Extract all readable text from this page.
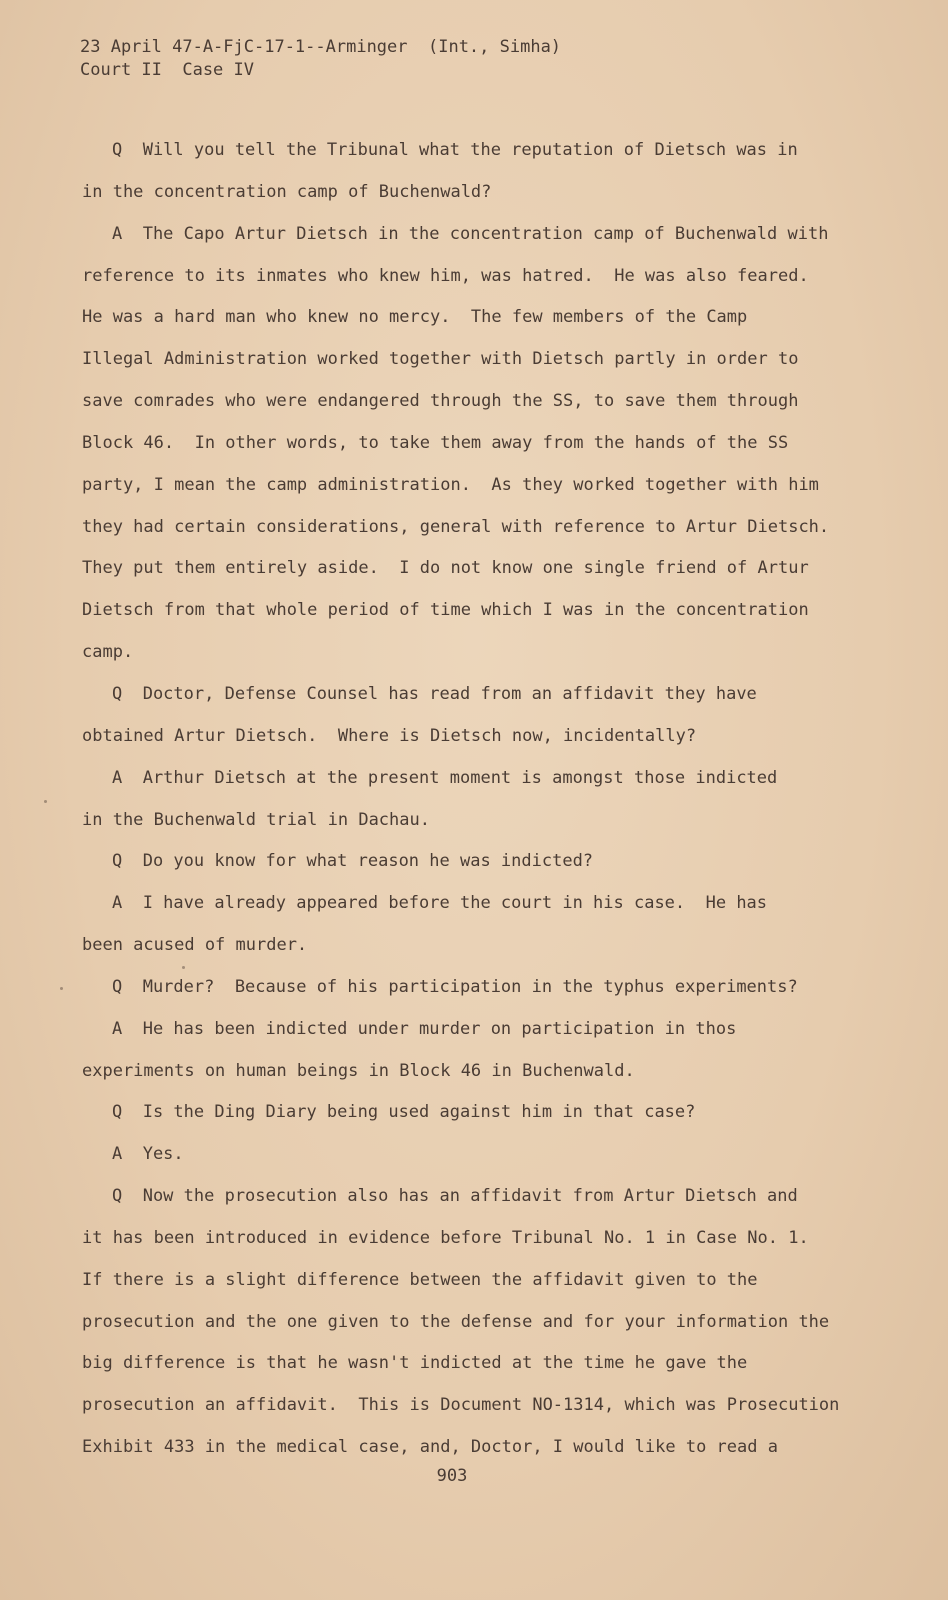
23 April 47-A-FjC-17-1--Arminger  (Int., Simha)
Court II  Case IV
Q  Will you tell the Tribunal what the reputation of Dietsch was in
in the concentration camp of Buchenwald?
A  The Capo Artur Dietsch in the concentration camp of Buchenwald with
reference to its inmates who knew him, was hatred.  He was also feared.
He was a hard man who knew no mercy.  The few members of the Camp
Illegal Administration worked together with Dietsch partly in order to
save comrades who were endangered through the SS, to save them through
Block 46.  In other words, to take them away from the hands of the SS
party, I mean the camp administration.  As they worked together with him
they had certain considerations, general with reference to Artur Dietsch.
They put them entirely aside.  I do not know one single friend of Artur
Dietsch from that whole period of time which I was in the concentration
camp.
Q  Doctor, Defense Counsel has read from an affidavit they have
obtained Artur Dietsch.  Where is Dietsch now, incidentally?
A  Arthur Dietsch at the present moment is amongst those indicted
in the Buchenwald trial in Dachau.
Q  Do you know for what reason he was indicted?
A  I have already appeared before the court in his case.  He has
been acused of murder.
Q  Murder?  Because of his participation in the typhus experiments?
A  He has been indicted under murder on participation in thos
experiments on human beings in Block 46 in Buchenwald.
Q  Is the Ding Diary being used against him in that case?
A  Yes.
Q  Now the prosecution also has an affidavit from Artur Dietsch and
it has been introduced in evidence before Tribunal No. 1 in Case No. 1.
If there is a slight difference between the affidavit given to the
prosecution and the one given to the defense and for your information the
big difference is that he wasn't indicted at the time he gave the
prosecution an affidavit.  This is Document NO-1314, which was Prosecution
Exhibit 433 in the medical case, and, Doctor, I would like to read a
903
